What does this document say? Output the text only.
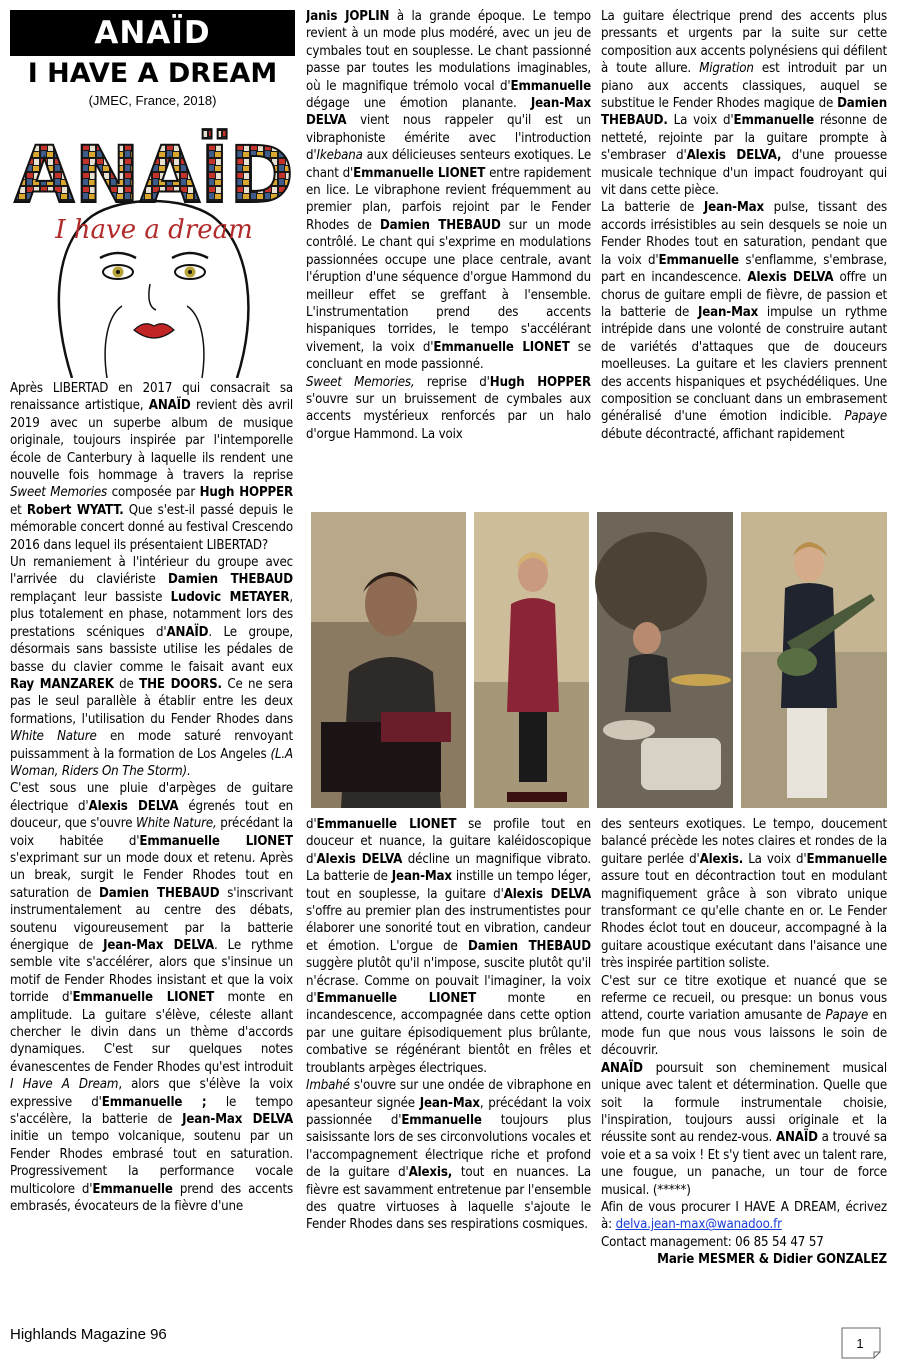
ANAÏD
I HAVE A DREAM
(JMEC, France, 2018)
ANAÏD
I have a dream

Après LIBERTAD en 2017 qui consacrait sa renaissance artistique, ANAÏD revient dès avril 2019 avec un superbe album de musique originale, toujours inspirée par l'intemporelle école de Canterbury à laquelle ils rendent une nouvelle fois hommage à travers la reprise Sweet Memories composée par Hugh HOPPER et Robert WYATT. Que s'est-il passé depuis le mémorable concert donné au festival Crescendo 2016 dans lequel ils présentaient LIBERTAD?

Un remaniement à l'intérieur du groupe avec l'arrivée du claviériste Damien THEBAUD remplaçant leur bassiste Ludovic METAYER, plus totalement en phase, notamment lors des prestations scéniques d'ANAÏD. Le groupe, désormais sans bassiste utilise les pédales de basse du clavier comme le faisait avant eux Ray MANZAREK de THE DOORS. Ce ne sera pas le seul parallèle à établir entre les deux formations, l'utilisation du Fender Rhodes dans White Nature en mode saturé renvoyant puissamment à la formation de Los Angeles (L.A Woman, Riders On The Storm).

C'est sous une pluie d'arpèges de guitare électrique d'Alexis DELVA égrenés tout en douceur, que s'ouvre White Nature, précédant la voix habitée d'Emmanuelle LIONET s'exprimant sur un mode doux et retenu. Après un break, surgit le Fender Rhodes tout en saturation de Damien THEBAUD s'inscrivant instrumentalement au centre des débats, soutenu vigoureusement par la batterie énergique de Jean-Max DELVA. Le rythme semble vite s'accélérer, alors que s'insinue un motif de Fender Rhodes insistant et que la voix torride d'Emmanuelle LIONET monte en amplitude. La guitare s'élève, céleste allant chercher le divin dans un thème d'accords dynamiques. C'est sur quelques notes évanescentes de Fender Rhodes qu'est introduit I Have A Dream, alors que s'élève la voix expressive d'Emmanuelle ; le tempo s'accélère, la batterie de Jean-Max DELVA initie un tempo volcanique, soutenu par un Fender Rhodes embrasé tout en saturation. Progressivement la performance vocale multicolore d'Emmanuelle prend des accents embrasés, évocateurs de la fièvre d'une

Janis JOPLIN à la grande époque. Le tempo revient à un mode plus modéré, avec un jeu de cymbales tout en souplesse. Le chant passionné passe par toutes les modulations imaginables, où le magnifique trémolo vocal d'Emmanuelle dégage une émotion planante. Jean-Max DELVA vient nous rappeler qu'il est un vibraphoniste émérite avec l'introduction d'Ikebana aux délicieuses senteurs exotiques. Le chant d'Emmanuelle LIONET entre rapidement en lice. Le vibraphone revient fréquemment au premier plan, parfois rejoint par le Fender Rhodes de Damien THEBAUD sur un mode contrôlé. Le chant qui s'exprime en modulations passionnées occupe une place centrale, avant l'éruption d'une séquence d'orgue Hammond du meilleur effet se greffant à l'ensemble. L'instrumentation prend des accents hispaniques torrides, le tempo s'accélérant vivement, la voix d'Emmanuelle LIONET se concluant en mode passionné.

Sweet Memories, reprise d'Hugh HOPPER s'ouvre sur un bruissement de cymbales aux accents mystérieux renforcés par un halo d'orgue Hammond. La voix

La guitare électrique prend des accents plus pressants et urgents par la suite sur cette composition aux accents polynésiens qui défilent à toute allure. Migration est introduit par un piano aux accents classiques, auquel se substitue le Fender Rhodes magique de Damien THEBAUD. La voix d'Emmanuelle résonne de netteté, rejointe par la guitare prompte à s'embraser d'Alexis DELVA, d'une prouesse musicale technique d'un impact foudroyant qui vit dans cette pièce.

La batterie de Jean-Max pulse, tissant des accords irrésistibles au sein desquels se noie un Fender Rhodes tout en saturation, pendant que la voix d'Emmanuelle s'enflamme, s'embrase, part en incandescence. Alexis DELVA offre un chorus de guitare empli de fièvre, de passion et la batterie de Jean-Max impulse un rythme intrépide dans une volonté de construire autant de variétés d'attaques que de douceurs moelleuses. La guitare et les claviers prennent des accents hispaniques et psychédéliques. Une composition se concluant dans un embrasement généralisé d'une émotion indicible. Papaye débute décontracté, affichant rapidement

d'Emmanuelle LIONET se profile tout en douceur et nuance, la guitare kaléidoscopique d'Alexis DELVA décline un magnifique vibrato. La batterie de Jean-Max instille un tempo léger, tout en souplesse, la guitare d'Alexis DELVA s'offre au premier plan des instrumentistes pour élaborer une sonorité tout en vibration, candeur et émotion. L'orgue de Damien THEBAUD suggère plutôt qu'il n'impose, suscite plutôt qu'il n'écrase. Comme on pouvait l'imaginer, la voix d'Emmanuelle LIONET monte en incandescence, accompagnée dans cette option par une guitare épisodiquement plus brûlante, combative se régénérant bientôt en frêles et troublants arpèges électriques.

Imbahé s'ouvre sur une ondée de vibraphone en apesanteur signée Jean-Max, précédant la voix passionnée d'Emmanuelle toujours plus saisissante lors de ses circonvolutions vocales et l'accompagnement électrique riche et profond de la guitare d'Alexis, tout en nuances. La fièvre est savamment entretenue par l'ensemble des quatre virtuoses à laquelle s'ajoute le Fender Rhodes dans ses respirations cosmiques.

des senteurs exotiques. Le tempo, doucement balancé précède les notes claires et rondes de la guitare perlée d'Alexis. La voix d'Emmanuelle assure tout en décontraction tout en modulant magnifiquement grâce à son vibrato unique transformant ce qu'elle chante en or. Le Fender Rhodes éclot tout en douceur, accompagné à la guitare acoustique exécutant dans l'aisance une très inspirée partition soliste.

C'est sur ce titre exotique et nuancé que se referme ce recueil, ou presque: un bonus vous attend, courte variation amusante de Papaye en mode fun que nous vous laissons le soin de découvrir.

ANAÏD poursuit son cheminement musical unique avec talent et détermination. Quelle que soit la formule instrumentale choisie, l'inspiration, toujours aussi originale et la réussite sont au rendez-vous. ANAÏD a trouvé sa voie et a sa voix ! Et s'y tient avec un talent rare, une fougue, un panache, un tour de force musical. (*****)

Afin de vous procurer I HAVE A DREAM, écrivez à: delva.jean-max@wanadoo.fr

Contact management: 06 85 54 47 57

Marie MESMER & Didier GONZALEZ

Highlands Magazine 96
1
